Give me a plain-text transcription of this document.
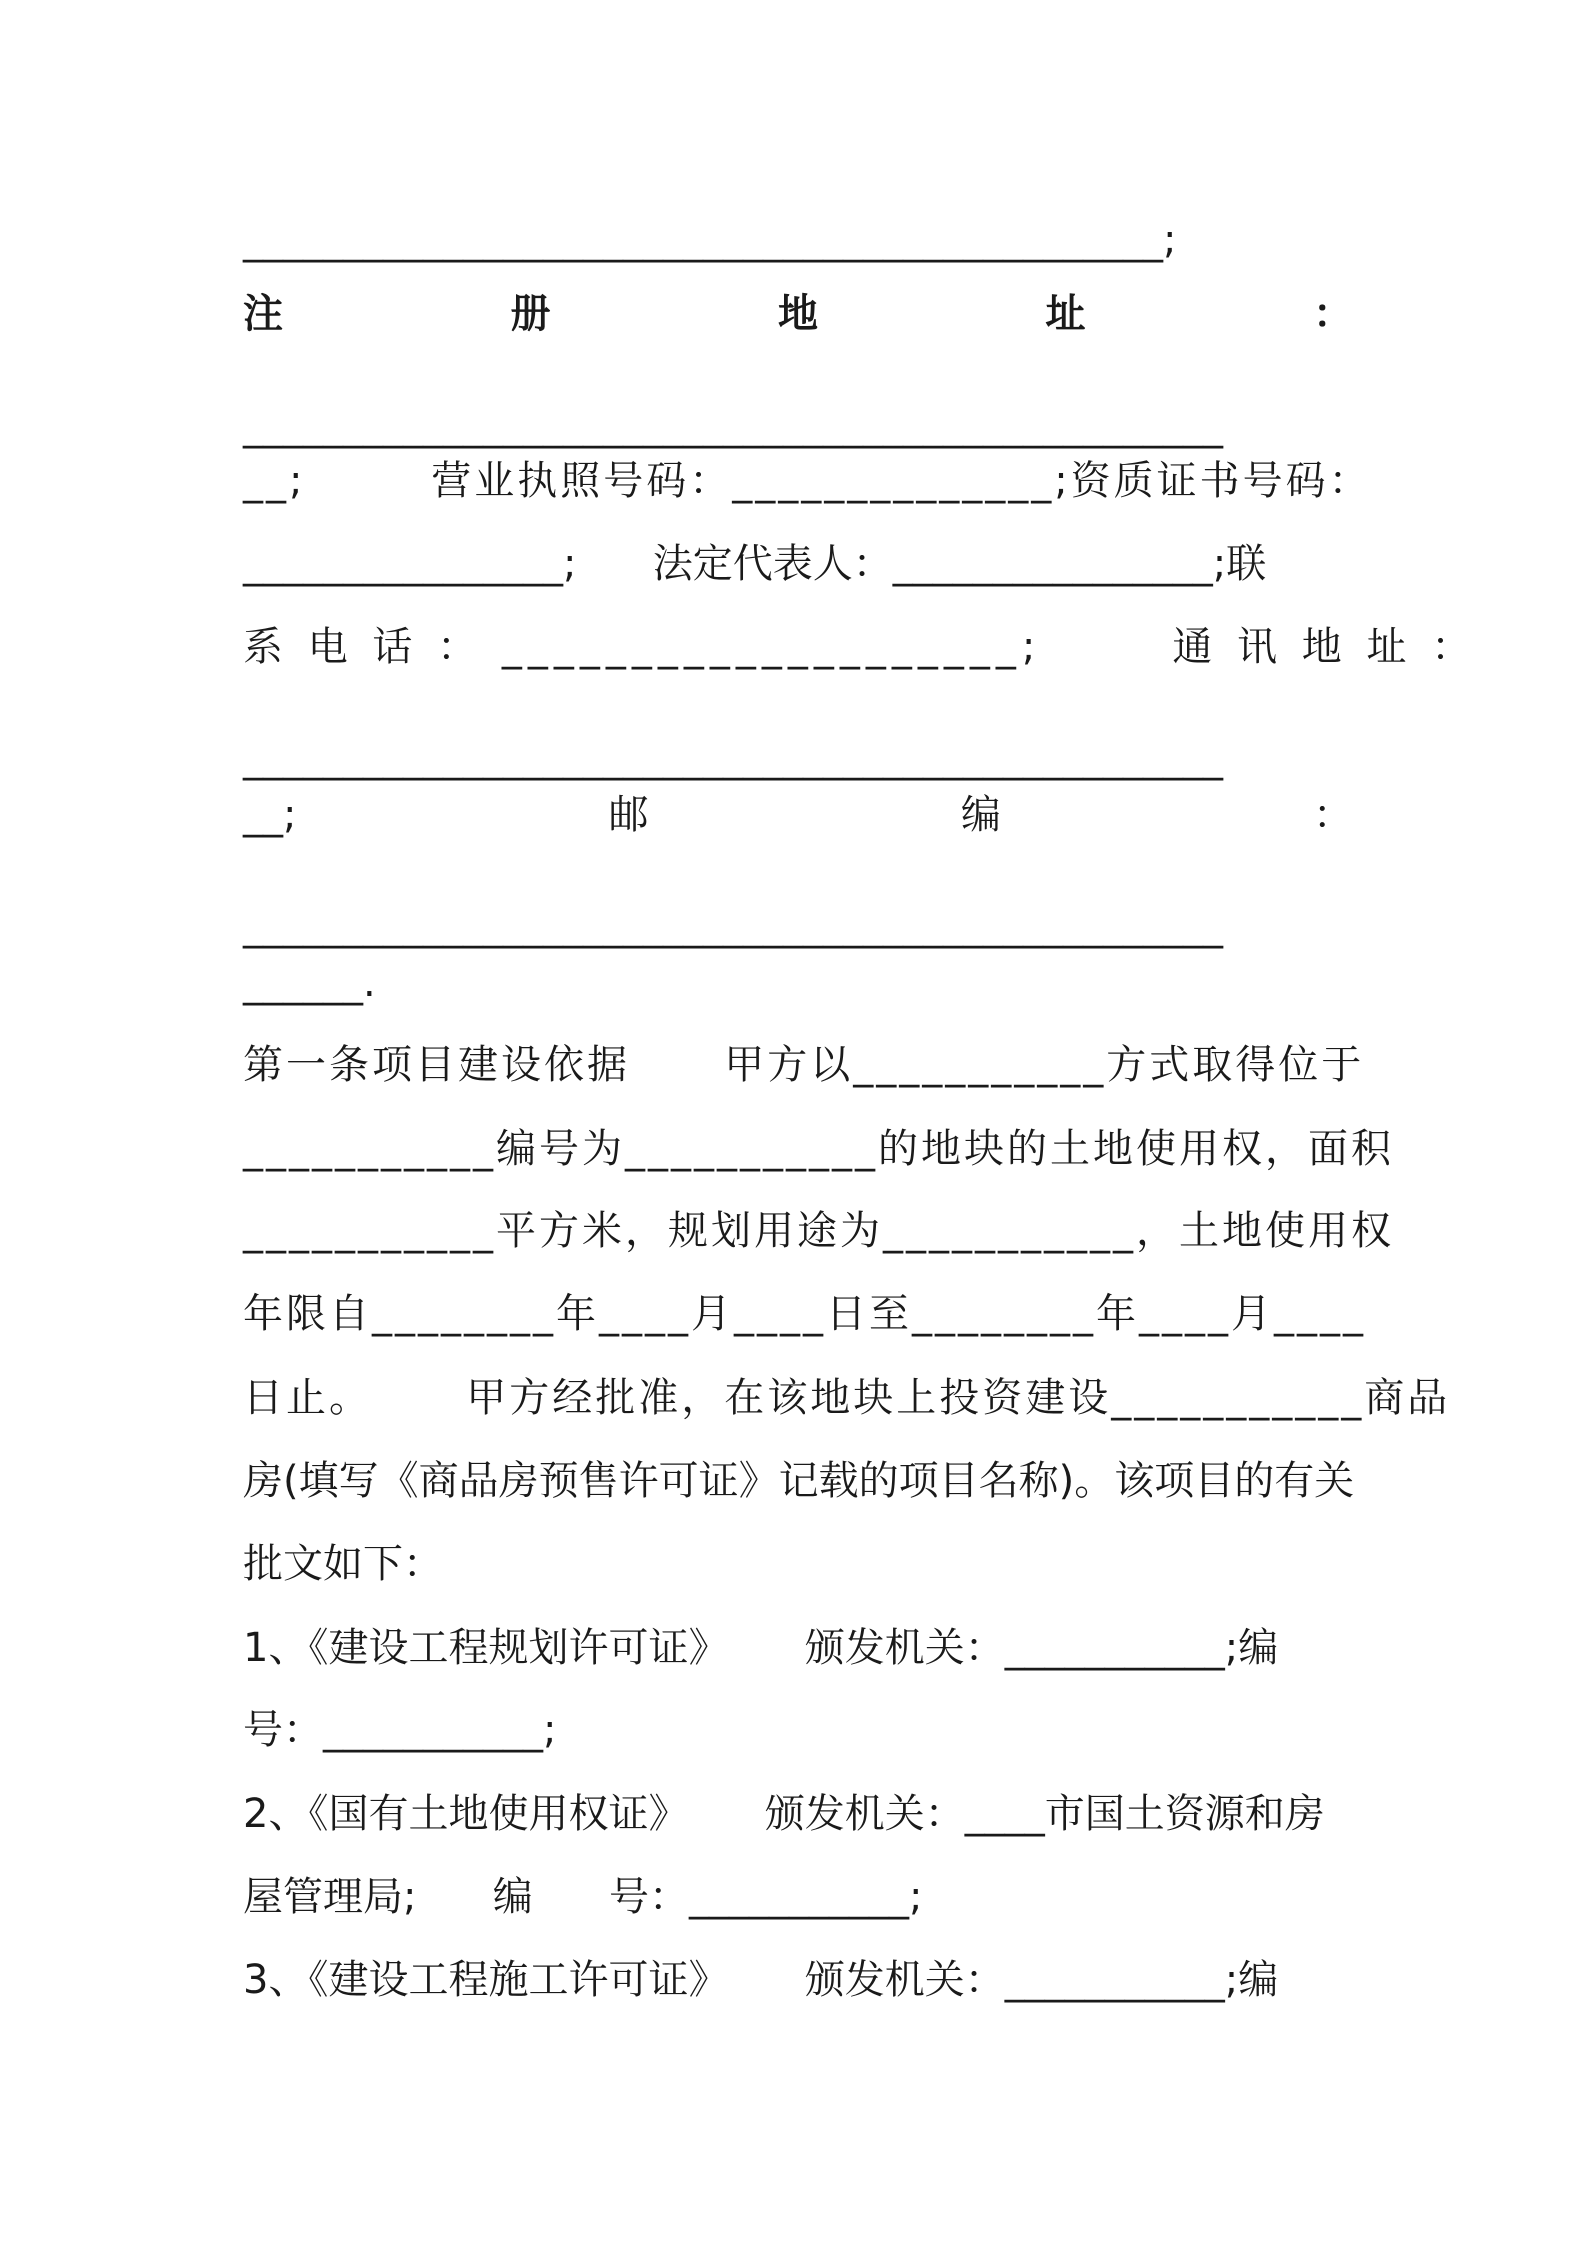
______________________________________________;
注	册	地	址	：
_________________________________________________
__;        营业执照号码：______________;资质证书号码：
________________;      法定代表人：________________;联
系 电 话 ： ____________________;       通 讯 地 址 ：
_________________________________________________
__;	邮	编	：
_________________________________________________
______.
第一条项目建设依据      甲方以___________方式取得位于
___________编号为___________的地块的土地使用权，面积
___________平方米，规划用途为___________，土地使用权
年限自________年____月____日至________年____月____
日止。      甲方经批准，在该地块上投资建设___________商品
房(填写《商品房预售许可证》记载的项目名称)。该项目的有关
批文如下：
1、《建设工程规划许可证》      颁发机关：___________;编
号：___________;
2、《国有土地使用权证》      颁发机关：____市国土资源和房
屋管理局;      编      号：___________;
3、《建设工程施工许可证》      颁发机关：___________;编
